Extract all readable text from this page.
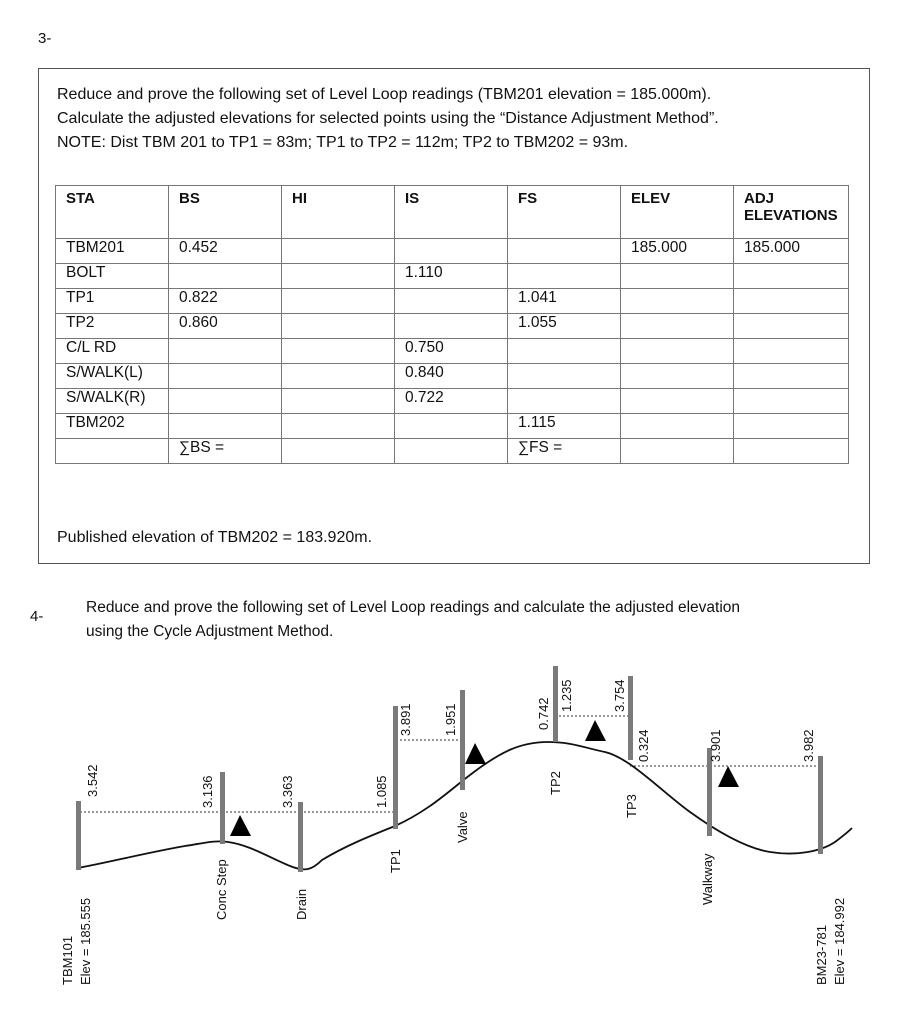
3-
Reduce and prove the following set of Level Loop readings (TBM201 elevation = 185.000m).
Calculate the adjusted elevations for selected points using the “Distance Adjustment Method”.
NOTE: Dist TBM 201 to TP1 = 83m; TP1 to TP2 = 112m; TP2 to TBM202 = 93m.
STA	BS	HI	IS	FS	ELEV	ADJ
ELEVATIONS

TBM201	0.452				185.000	185.000
BOLT			1.110			
TP1	0.822			1.041		
TP2	0.860			1.055		
C/L RD			0.750			
S/WALK(L)			0.840			
S/WALK(R)			0.722			
TBM202				1.115		
	∑BS =			∑FS =		
Published elevation of TBM202 = 183.920m.
4-
Reduce and prove the following set of Level Loop readings and calculate the adjusted elevation
using the Cycle Adjustment Method.
3.542	3.136	3.363	1.085
3.891 1.951	0.742
1.235	3.754
0.324	3.901	3.982
TBM101 Elev = 185.555
Conc Step	Drain
TP1
Valve
TP2
TP3
Walkway
BM23-781 Elev = 184.992
